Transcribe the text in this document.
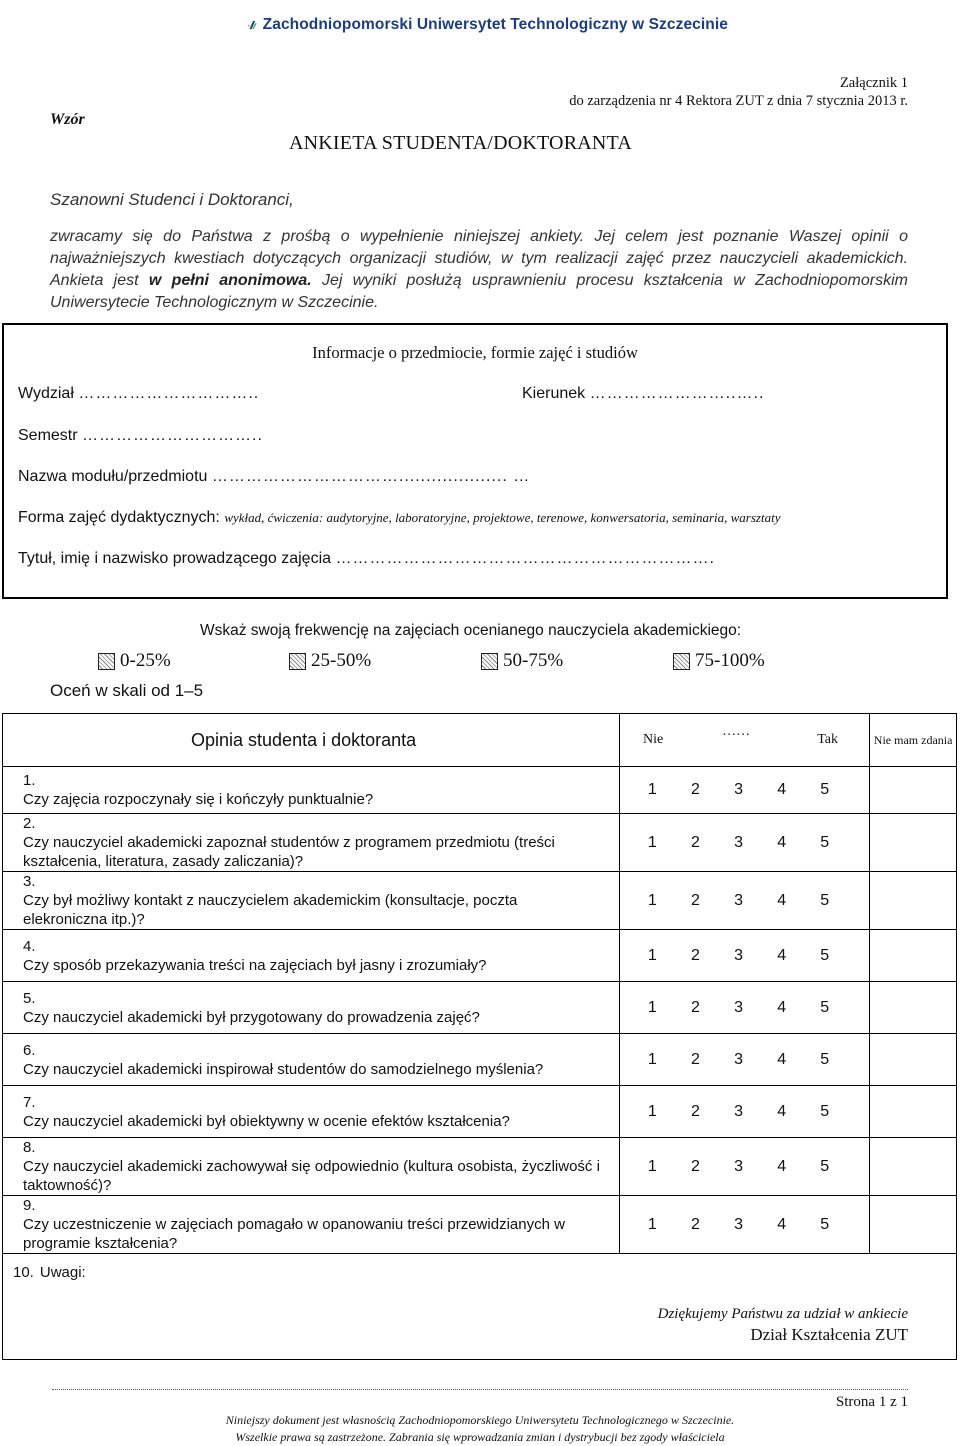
Zachodniopomorski Uniwersytet Technologiczny w Szczecinie
Załącznik 1
do zarządzenia nr 4 Rektora ZUT z dnia 7 stycznia 2013 r.
Wzór
ANKIETA STUDENTA/DOKTORANTA
Szanowni Studenci i Doktoranci,
zwracamy się do Państwa z prośbą o wypełnienie niniejszej ankiety. Jej celem jest poznanie Waszej opinii o najważniejszych kwestiach dotyczących organizacji studiów, w tym realizacji zajęć przez nauczycieli akademickich. Ankieta jest w pełni anonimowa. Jej wyniki posłużą usprawnieniu procesu kształcenia w Zachodniopomorskim Uniwersytecie Technologicznym w Szczecinie.
Informacje o przedmiocie, formie zajęć i studiów
Wydział …………………………..	Kierunek ……………………..…..
Semestr …………………………..
Nazwa modułu/przedmiotu …………………………….................... …
Forma zajęć dydaktycznych: wykład, ćwiczenia: audytoryjne, laboratoryjne, projektowe, terenowe, konwersatoria, seminaria, warsztaty
Tytuł, imię i nazwisko prowadzącego zajęcia ………………………………………………………….
Wskaż swoją frekwencję na zajęciach ocenianego nauczyciela akademickiego:
0-25%	25-50%	50-75%	75-100%
Oceń w skali od 1–5
Opinia studenta i doktoranta	Nie	……	Tak	Nie mam zdania
1.Czy zajęcia rozpoczynały się i kończyły punktualnie?	1 2 3 4 5			

2.Czy nauczyciel akademicki zapoznał studentów z programem przedmiotu (treści kształcenia, literatura, zasady zaliczania)?	1 2 3 4 5			

3.Czy był możliwy kontakt z nauczycielem akademickim (konsultacje, poczta elekroniczna itp.)?	1 2 3 4 5			

4.Czy sposób przekazywania treści na zajęciach był jasny i zrozumiały?	1 2 3 4 5			

5.Czy nauczyciel akademicki był przygotowany do prowadzenia zajęć?	1 2 3 4 5			

6.Czy nauczyciel akademicki inspirował studentów do samodzielnego myślenia?	1 2 3 4 5			

7.Czy nauczyciel akademicki był obiektywny w ocenie efektów kształcenia?	1 2 3 4 5			

8.Czy nauczyciel akademicki zachowywał się odpowiednio (kultura osobista, życzliwość i taktowność)?	1 2 3 4 5			

9.Czy uczestniczenie w zajęciach pomagało w opanowaniu treści przewidzianych w programie kształcenia?	1 2 3 4 5			

10. Uwagi:				
Dziękujemy Państwu za udział w ankiecie
Dział Kształcenia ZUT
Strona 1 z 1
Niniejszy dokument jest własnością Zachodniopomorskiego Uniwersytetu Technologicznego w Szczecinie.
Wszelkie prawa są zastrzeżone. Zabrania się wprowadzania zmian i dystrybucji bez zgody właściciela
